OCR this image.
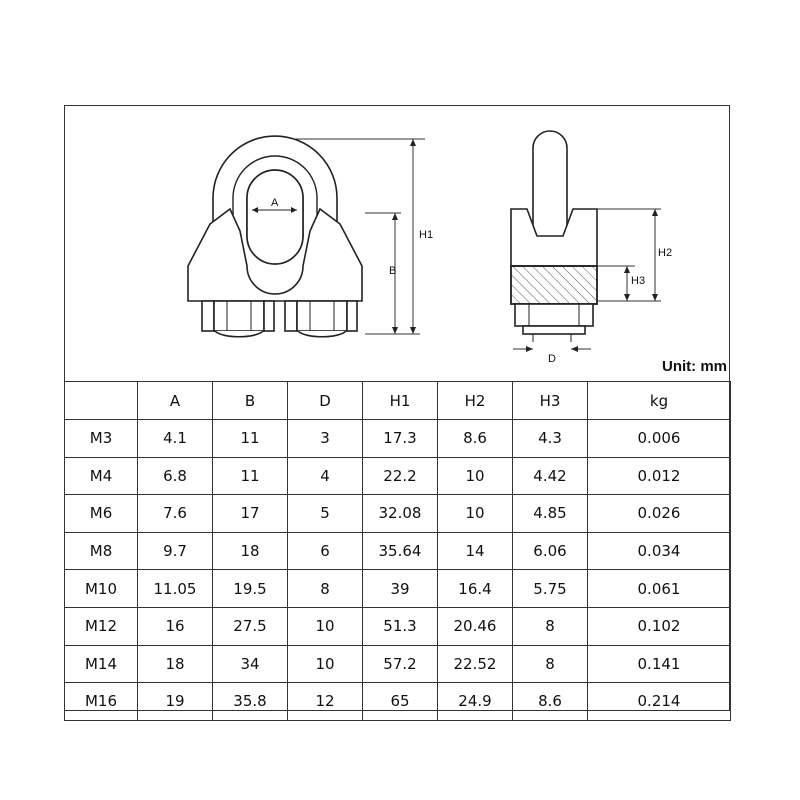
A
B
H1
H2
H3
D	Unit: mm
	A	B	D	H1	H2	H3	kg
M3	4.1	11	3	17.3	8.6	4.3	0.006
M4	6.8	11	4	22.2	10	4.42	0.012
M6	7.6	17	5	32.08	10	4.85	0.026
M8	9.7	18	6	35.64	14	6.06	0.034
M10	11.05	19.5	8	39	16.4	5.75	0.061
M12	16	27.5	10	51.3	20.46	8	0.102
M14	18	34	10	57.2	22.52	8	0.141
M16	19	35.8	12	65	24.9	8.6	0.214
